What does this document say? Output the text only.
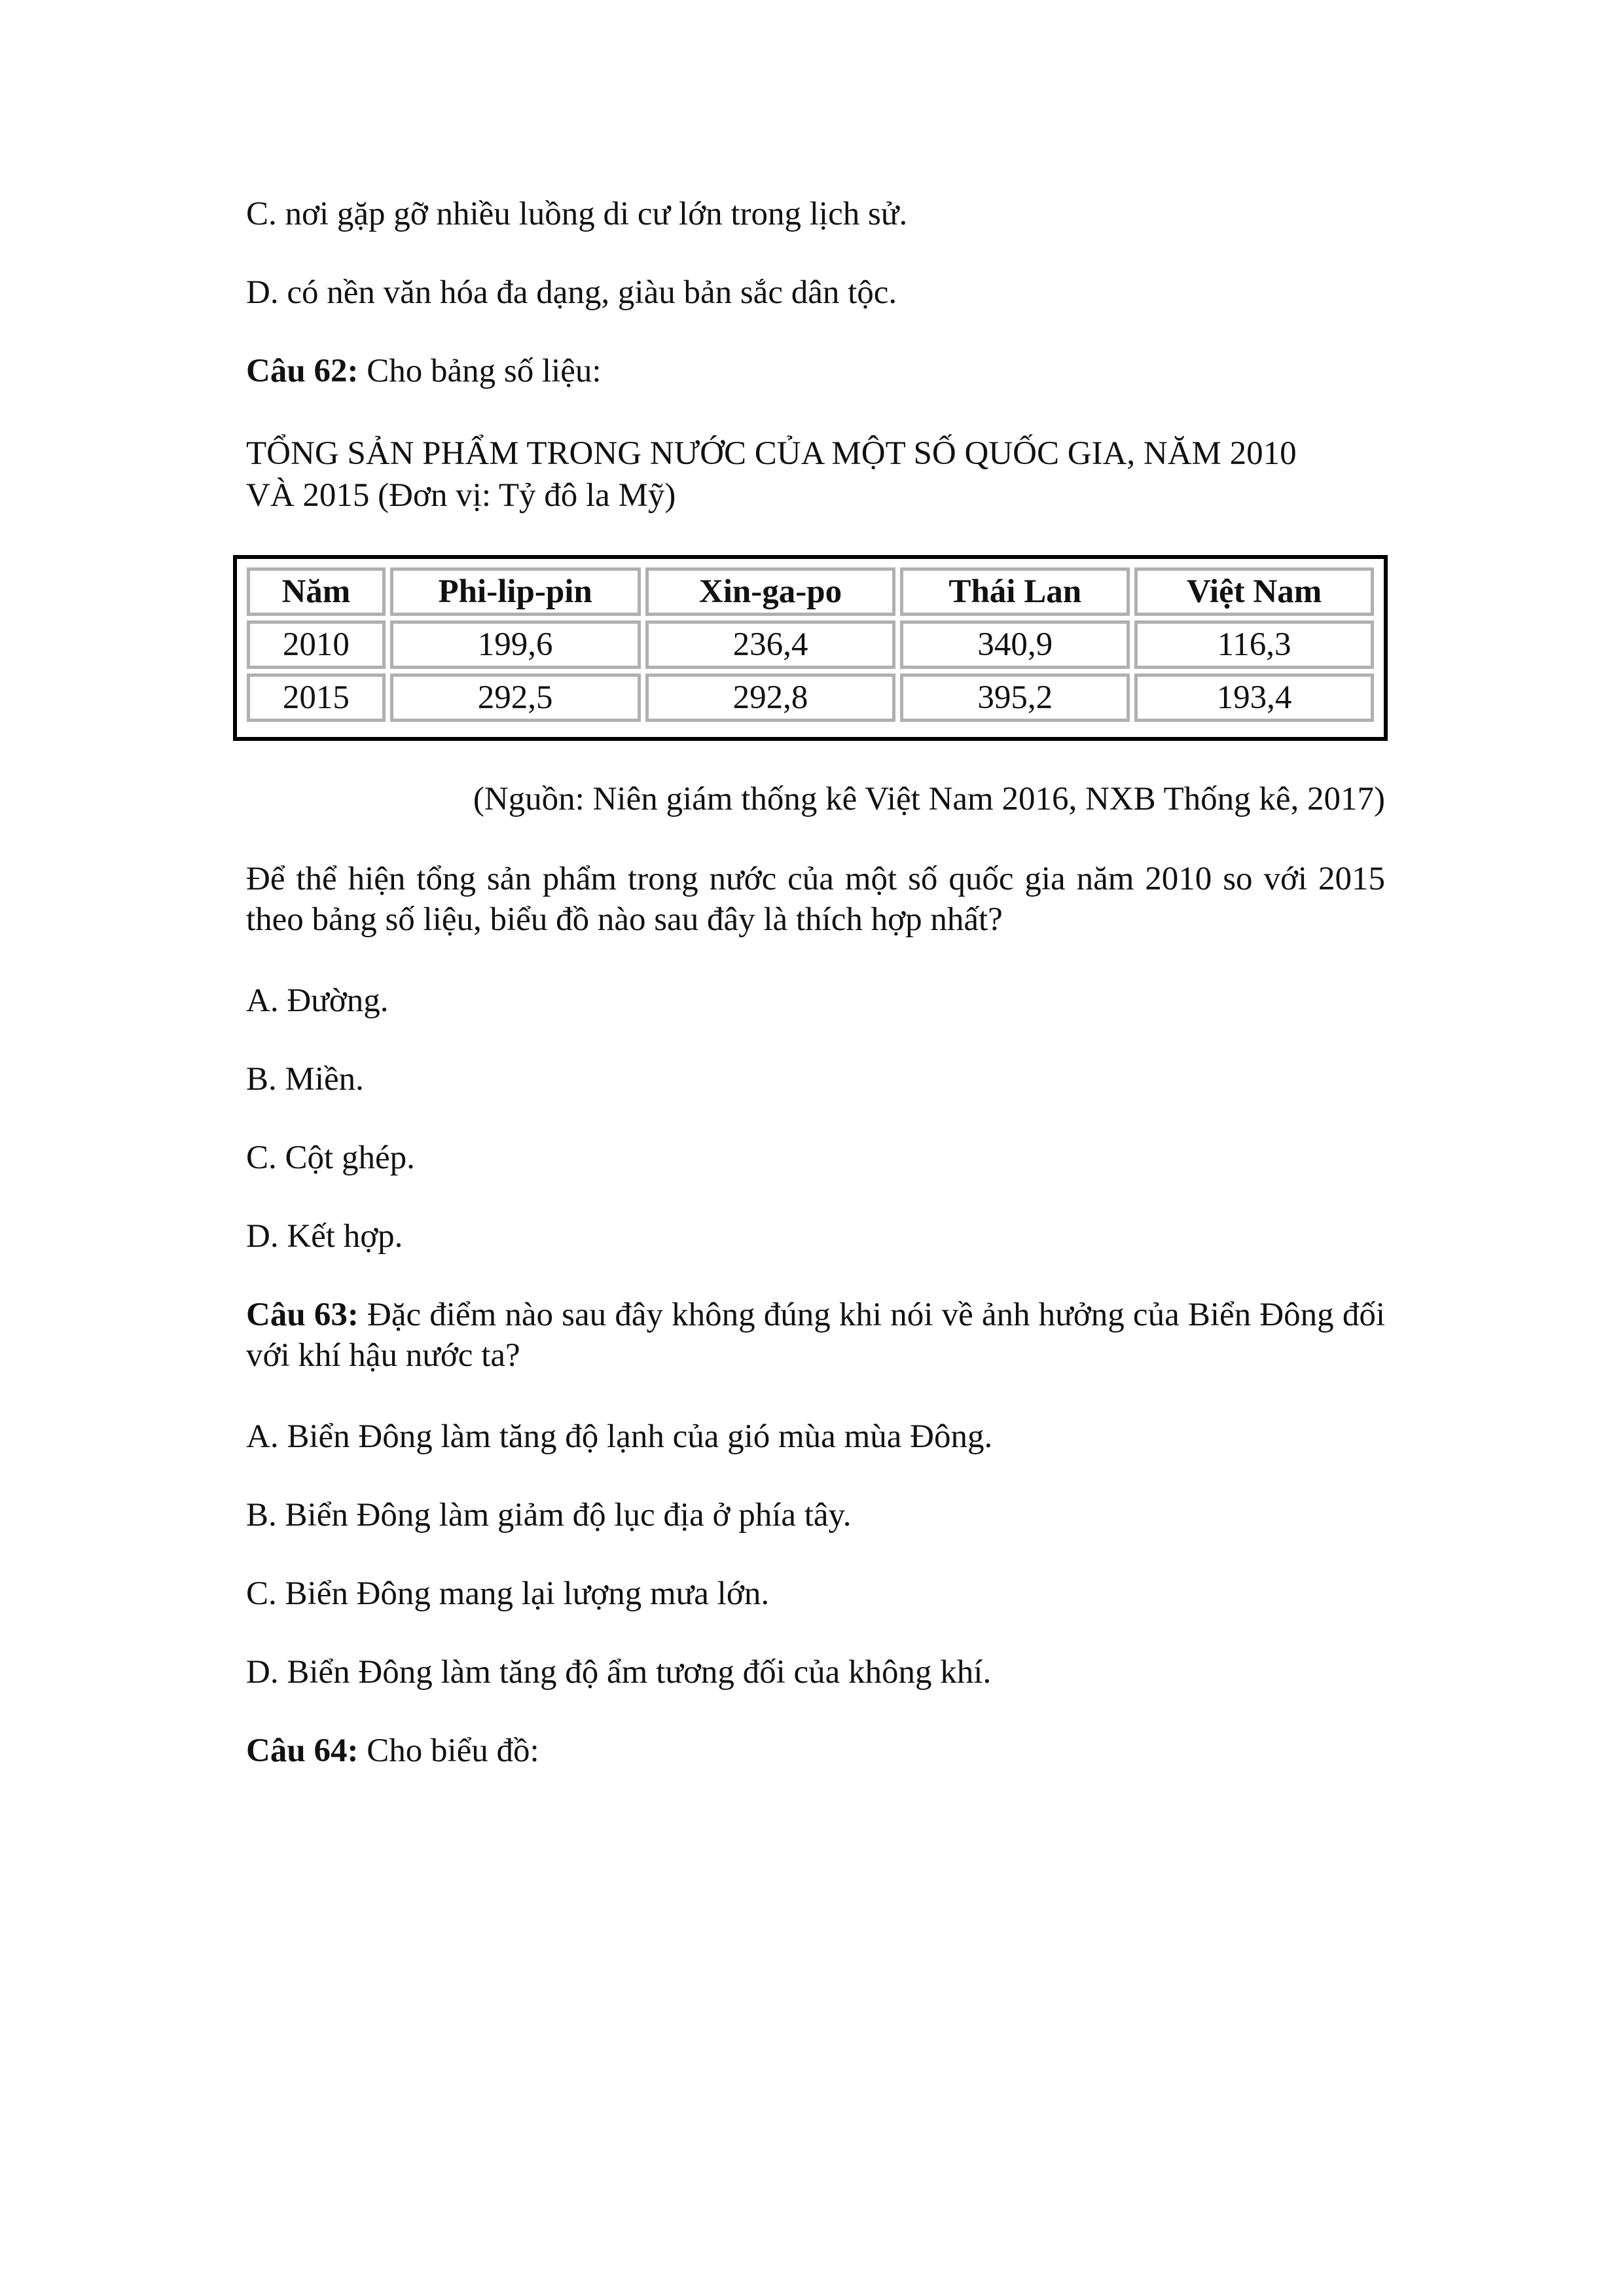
C. nơi gặp gỡ nhiều luồng di cư lớn trong lịch sử.

D. có nền văn hóa đa dạng, giàu bản sắc dân tộc.

Câu 62: Cho bảng số liệu:

TỔNG SẢN PHẨM TRONG NƯỚC CỦA MỘT SỐ QUỐC GIA, NĂM 2010

VÀ 2015 (Đơn vị: Tỷ đô la Mỹ)

Năm	Phi-lip-pin	Xin-ga-po	Thái Lan	Việt Nam
2010	199,6	236,4	340,9	116,3
2015	292,5	292,8	395,2	193,4

(Nguồn: Niên giám thống kê Việt Nam 2016, NXB Thống kê, 2017)

Để thể hiện tổng sản phẩm trong nước của một số quốc gia năm 2010 so với 2015 theo bảng số liệu, biểu đồ nào sau đây là thích hợp nhất?

A. Đường.

B. Miền.

C. Cột ghép.

D. Kết hợp.

Câu 63: Đặc điểm nào sau đây không đúng khi nói về ảnh hưởng của Biển Đông đối với khí hậu nước ta?

A. Biển Đông làm tăng độ lạnh của gió mùa mùa Đông.

B. Biển Đông làm giảm độ lục địa ở phía tây.

C. Biển Đông mang lại lượng mưa lớn.

D. Biển Đông làm tăng độ ẩm tương đối của không khí.

Câu 64: Cho biểu đồ:
